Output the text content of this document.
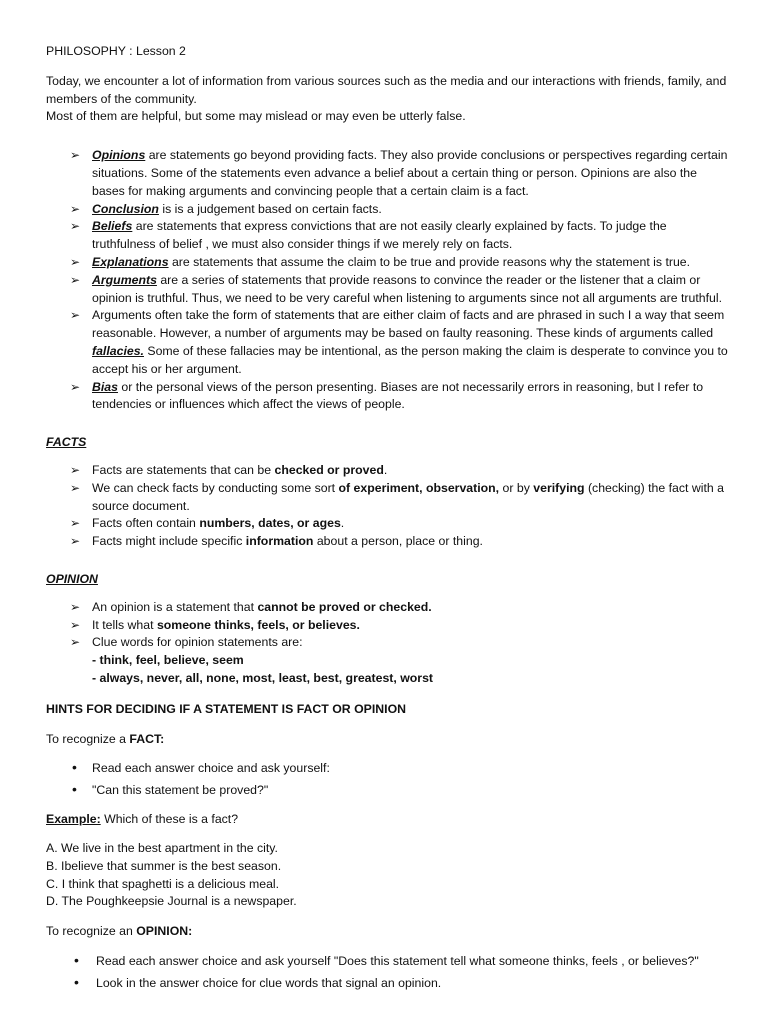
PHILOSOPHY : Lesson 2

Today, we encounter a lot of information from various sources such as the media and our interactions with friends, family, and members of the community.

Most of them are helpful, but some may mislead or may even be utterly false.

➢ Opinions are statements go beyond providing facts. They also provide conclusions or perspectives regarding certain situations. Some of the statements even advance a belief about a certain thing or person. Opinions are also the bases for making arguments and convincing people that a certain claim is a fact.
➢ Conclusion is is a judgement based on certain facts.
➢ Beliefs are statements that express convictions that are not easily clearly explained by facts. To judge the truthfulness of belief , we must also consider things if we merely rely on facts.
➢ Explanations are statements that assume the claim to be true and provide reasons why the statement is true.
➢ Arguments are a series of statements that provide reasons to convince the reader or the listener that a claim or opinion is truthful. Thus, we need to be very careful when listening to arguments since not all arguments are truthful.
➢ Arguments often take the form of statements that are either claim of facts and are phrased in such I a way that seem reasonable. However, a number of arguments may be based on faulty reasoning. These kinds of arguments called fallacies. Some of these fallacies may be intentional, as the person making the claim is desperate to convince you to accept his or her argument.
➢ Bias or the personal views of the person presenting. Biases are not necessarily errors in reasoning, but I refer to tendencies or influences which affect the views of people.

FACTS

➢ Facts are statements that can be checked or proved.
➢ We can check facts by conducting some sort of experiment, observation, or by verifying (checking) the fact with a source document.
➢ Facts often contain numbers, dates, or ages.
➢ Facts might include specific information about a person, place or thing.

OPINION

➢ An opinion is a statement that cannot be proved or checked.
➢ It tells what someone thinks, feels, or believes.
➢ Clue words for opinion statements are:
- think, feel, believe, seem
- always, never, all, none, most, least, best, greatest, worst

HINTS FOR DECIDING IF A STATEMENT IS FACT OR OPINION

To recognize a FACT:

• Read each answer choice and ask yourself:
• "Can this statement be proved?"

Example: Which of these is a fact?

A. We live in the best apartment in the city.

B. Ibelieve that summer is the best season.

C. I think that spaghetti is a delicious meal.

D. The Poughkeepsie Journal is a newspaper.

To recognize an OPINION:

• Read each answer choice and ask yourself "Does this statement tell what someone thinks, feels , or believes?"
• Look in the answer choice for clue words that signal an opinion.
